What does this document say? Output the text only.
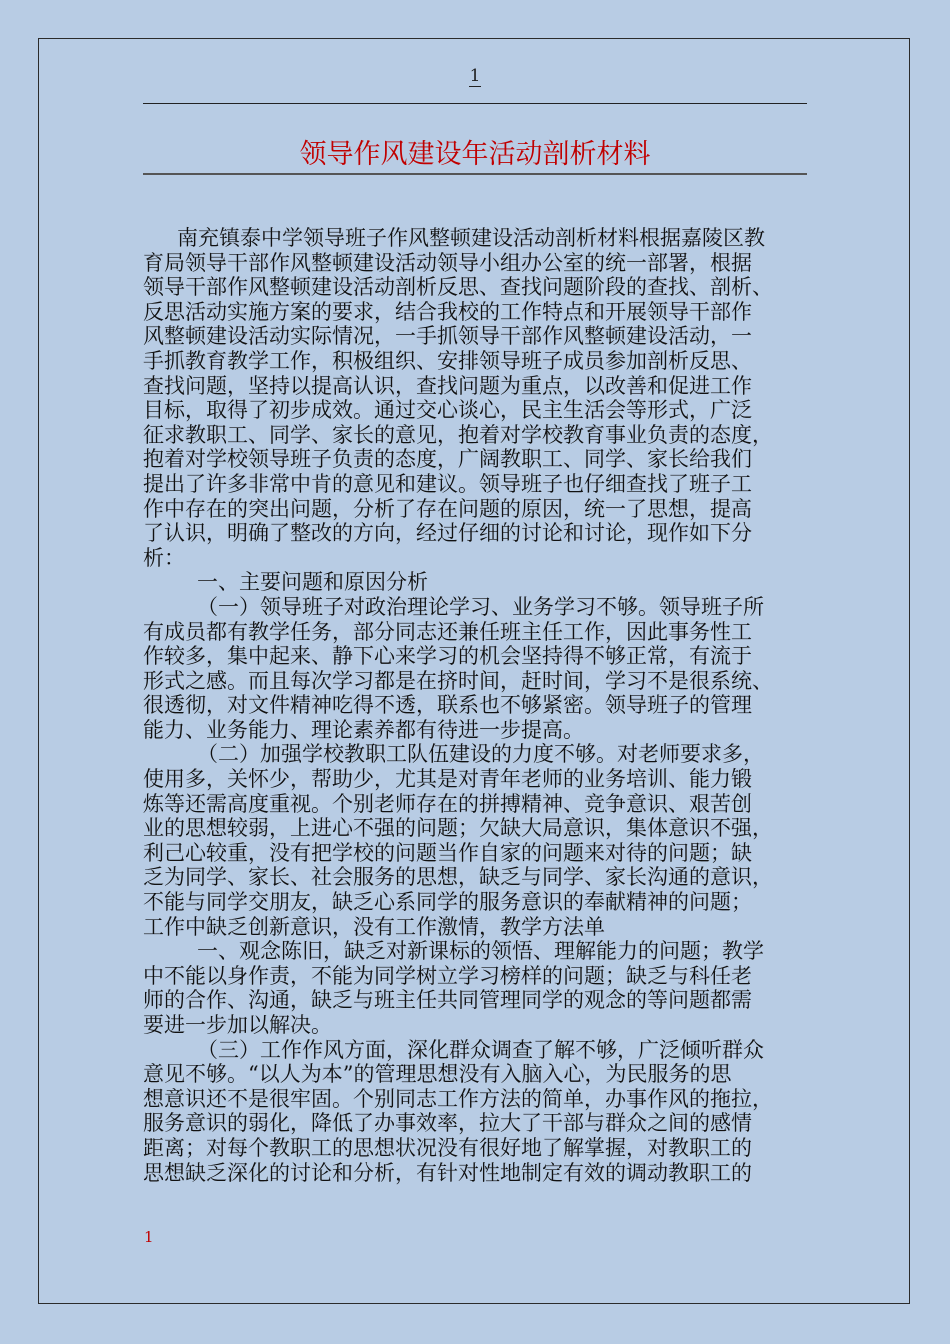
1
领导作风建设年活动剖析材料
南充镇泰中学领导班子作风整顿建设活动剖析材料根据嘉陵区教
育局领导干部作风整顿建设活动领导小组办公室的统一部署，根据
领导干部作风整顿建设活动剖析反思、查找问题阶段的查找、剖析、
反思活动实施方案的要求，结合我校的工作特点和开展领导干部作
风整顿建设活动实际情况，一手抓领导干部作风整顿建设活动，一
手抓教育教学工作，积极组织、安排领导班子成员参加剖析反思、
查找问题，坚持以提高认识，查找问题为重点，以改善和促进工作
目标，取得了初步成效。通过交心谈心，民主生活会等形式，广泛
征求教职工、同学、家长的意见，抱着对学校教育事业负责的态度，
抱着对学校领导班子负责的态度，广阔教职工、同学、家长给我们
提出了许多非常中肯的意见和建议。领导班子也仔细查找了班子工
作中存在的突出问题，分析了存在问题的原因，统一了思想，提高
了认识，明确了整改的方向，经过仔细的讨论和讨论，现作如下分
析：
一、主要问题和原因分析
（一）领导班子对政治理论学习、业务学习不够。领导班子所
有成员都有教学任务，部分同志还兼任班主任工作，因此事务性工
作较多，集中起来、静下心来学习的机会坚持得不够正常，有流于
形式之感。而且每次学习都是在挤时间，赶时间，学习不是很系统、
很透彻，对文件精神吃得不透，联系也不够紧密。领导班子的管理
能力、业务能力、理论素养都有待进一步提高。
（二）加强学校教职工队伍建设的力度不够。对老师要求多，
使用多，关怀少，帮助少，尤其是对青年老师的业务培训、能力锻
炼等还需高度重视。个别老师存在的拼搏精神、竞争意识、艰苦创
业的思想较弱，上进心不强的问题；欠缺大局意识，集体意识不强，
利己心较重，没有把学校的问题当作自家的问题来对待的问题；缺
乏为同学、家长、社会服务的思想，缺乏与同学、家长沟通的意识，
不能与同学交朋友，缺乏心系同学的服务意识的奉献精神的问题；
工作中缺乏创新意识，没有工作激情，教学方法单
一、观念陈旧，缺乏对新课标的领悟、理解能力的问题；教学
中不能以身作责，不能为同学树立学习榜样的问题；缺乏与科任老
师的合作、沟通，缺乏与班主任共同管理同学的观念的等问题都需
要进一步加以解决。
（三）工作作风方面，深化群众调查了解不够，广泛倾听群众
意见不够。“以人为本”的管理思想没有入脑入心，为民服务的思
想意识还不是很牢固。个别同志工作方法的简单，办事作风的拖拉，
服务意识的弱化，降低了办事效率，拉大了干部与群众之间的感情
距离；对每个教职工的思想状况没有很好地了解掌握，对教职工的
思想缺乏深化的讨论和分析，有针对性地制定有效的调动教职工的
1
